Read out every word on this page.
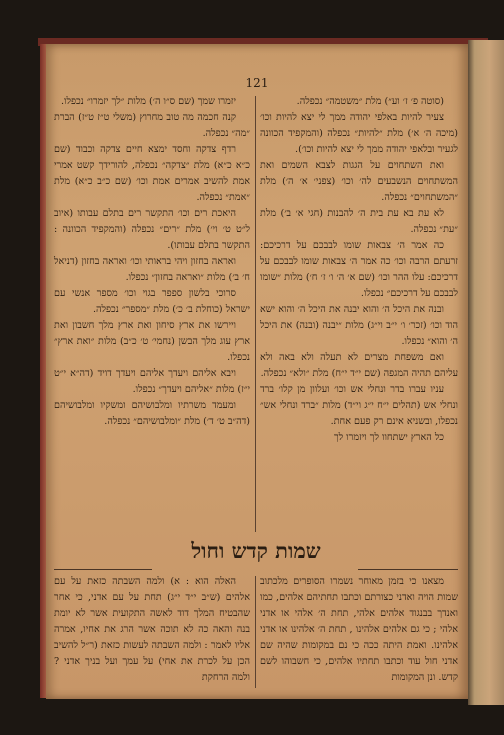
121

(סוטה פ׳ ז׳ וע״) מלת ״משטמה״ נכפלה.

צעיר להיות באלפי יהודה ממך לי יצא להיות וכו׳ (מיכה ה׳ א׳) מלת ״להיות״ נכפלה (והמקפיד הכוונה לגעיר ובלאפי יהודה ממך לי יצא להיות וכו׳).

ואת השתחוים על הגגות לצבא השמים ואת המשתחוים הנשבעים לה׳ וכו׳ (צפני׳ א׳ ה׳) מלת ״המשתחוים״ נכפלה.

לא עת בא עת בית ה׳ להבנות (חגי א׳ ב׳) מלת ״עת״ נכפלה.

כה אמר ה׳ צבאות שומו לבבכם על דרכיכם: זרעתם הרבה וכו׳ כה אמר ה׳ צבאות שומו לבבכם על דרכיכם: עלו ההר וכו׳ (שם א׳ ה׳ ו׳ ז׳ ח׳) מלות ״שומו לבבכם על דרכיכם״ נכפלו.

ובנה את היכל ה׳ והוא יבנה את היכל ה׳ והוא ישא הוד וכו׳ (זכר׳ ו׳ י״ב וי״ג) מלות ״יבנה (ובנה) את היכל ה׳ והוא״ נכפלו.

ואם משפחת מצרים לא תעלה ולא באה ולא עליהם תהיה המגפה (שם י״ד י״ח) מלת ״ולא״ נכפלה.

עניו עברו בדר ונחלי אש וכו׳ ועלוון מן קלו׳ ברד ונחלי אש (תהלים י״ח י״ג וי״ד) מלות ״ברד ונחלי אש״ נכפלו, ובשניא אינם רק פעם אחת.

כל הארץ ישתחוו לך ויזמרו לך

יזמרו שמך (שם ס״ו ה׳) מלות ״לך יזמרו״ נכפלו.

קנה חכמה מה טוב מחרוץ (משלי ט״ז ט״ז) הברת ״מה״ נכפלה.

רדף צדקה וחסד ימצא חיים צדקה וכבוד (שם כ״א כ״א) מלת ״צדקה״ נכפלה, להורידך קשט אמרי אמת להשיב אמרים אמת וכו׳ (שם כ״ב כ״א) מלת ״אמת״ נכפלה.

היאכת רים וכו׳ התקשר רים בתלם עבותו (איוב ל״ט ט׳ וי׳) מלת ״רים״ נכפלה (והמקפיד הכוונה : התקשר בתלם עבותו).

ואראה בחזון ויהי בראותי וכו׳ ואראה בחזון (דניאל ח׳ ב׳) מלות ״ואראה בחזון״ נכפלו.

סרוכי בלשון ספפר בגוי וכו׳ מספר אנשי עם ישראל (כוחלת ב׳ כ׳) מלת ״מספר״ נכפלה.

ויירשו את ארץ סיחון ואת ארץ מלך חשבון ואת ארץ עוג מלך הבשן (נחמי׳ ט׳ כ״ב) מלות ״ואת ארץ״ נכפלו.

ויבא אליהם ויעדך אליהם ויעדך דויד (דה״א י״ט י״ז) מלות ״אליהם ויעדך״ נכפלו.

ומעמד משרתיו ומלבושיהם ומשקיו ומלבושיהם (דה״ב ט׳ ד׳) מלת ״ומלבושיהם״ נכפלה.

שמות קדש וחול

מצאנו כי בזמן מאוחר נשמרו הסופרים מלכתוב שמות הויה ואדני כצורתם וכתבו תחתיהם אלהים, כמו ואנדך בבנגוד אלהים אלהי, תחת ה׳ אלהי או אדני אלהי ; כי גם אלהים אלהינו , תחת ה׳ אלהינו או אדני אלהינו. ואמת היתה ככה כי נם במקומות שהיה שם אדני חול עוד וכתבו תחתיו אלהים, כי חשבוהו לשם קדש. ונן המקומות

האלה הוא : א) ולמה השבתה כזאת על עם אלהים (ש״ב י״ד י״ג) תחת על עם אדני, כי אחר שהבטיח המלך דוד לאשה התקועית אשר לא יומת בנה והאה כה לא תוכה אשר הרג את אחיו, אמרה אליו לאמר : ולמה השבתה לעשות כזאת (ר״ל להשיב הכן על לכרת את אחי) על עמך ועל בניך אדני ? ולמה הרחקת
